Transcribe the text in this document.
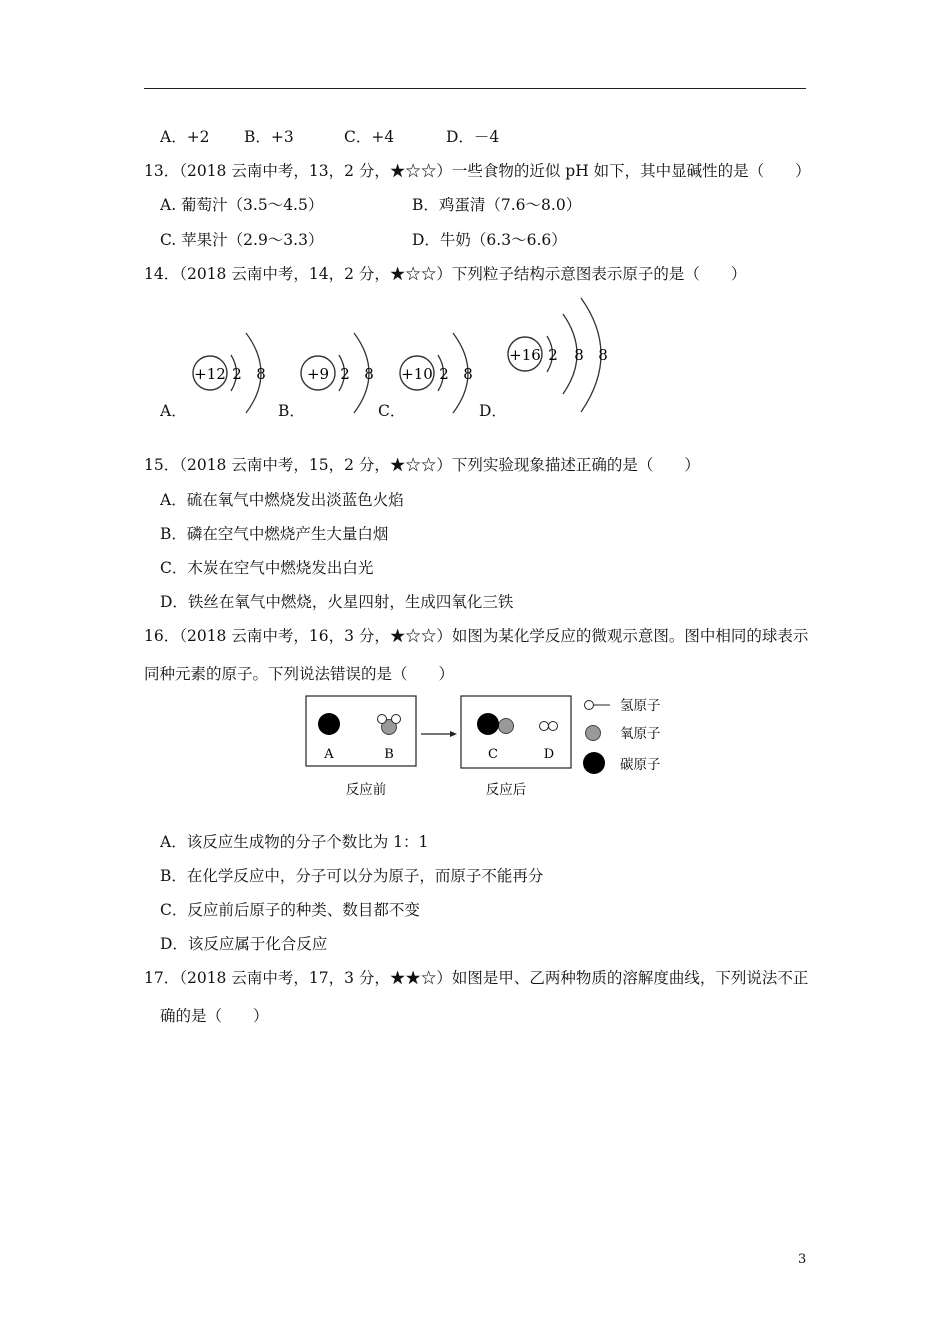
A．+2 B．+3	C．+4	D．－4
13．（2018 云南中考，13，2 分，★☆☆）一些食物的近似 pH 如下，其中显碱性的是（　　）
A. 葡萄汁（3.5～4.5）	B．鸡蛋清（7.6～8.0）
C. 苹果汁（2.9～3.3）	D．牛奶（6.3～6.6）
14．（2018 云南中考，14，2 分，★☆☆）下列粒子结构示意图表示原子的是（　　）
A．	B．	C．	D．
+12 2 8	+9 2 8 +10 2 8
+16 2 8 8
15．（2018 云南中考，15，2 分，★☆☆）下列实验现象描述正确的是（　　）
A．硫在氧气中燃烧发出淡蓝色火焰
B．磷在空气中燃烧产生大量白烟
C．木炭在空气中燃烧发出白光
D．铁丝在氧气中燃烧，火星四射，生成四氧化三铁
16．（2018 云南中考，16，3 分，★☆☆）如图为某化学反应的微观示意图。图中相同的球表示
同种元素的原子。下列说法错误的是（　　）
A	B	C	D
反应前	反应后
氢原子
氧原子
碳原子
A．该反应生成物的分子个数比为 1：1
B．在化学反应中，分子可以分为原子，而原子不能再分
C．反应前后原子的种类、数目都不变
D．该反应属于化合反应
17．（2018 云南中考，17，3 分，★★☆）如图是甲、乙两种物质的溶解度曲线，下列说法不正
确的是（　　）
3
